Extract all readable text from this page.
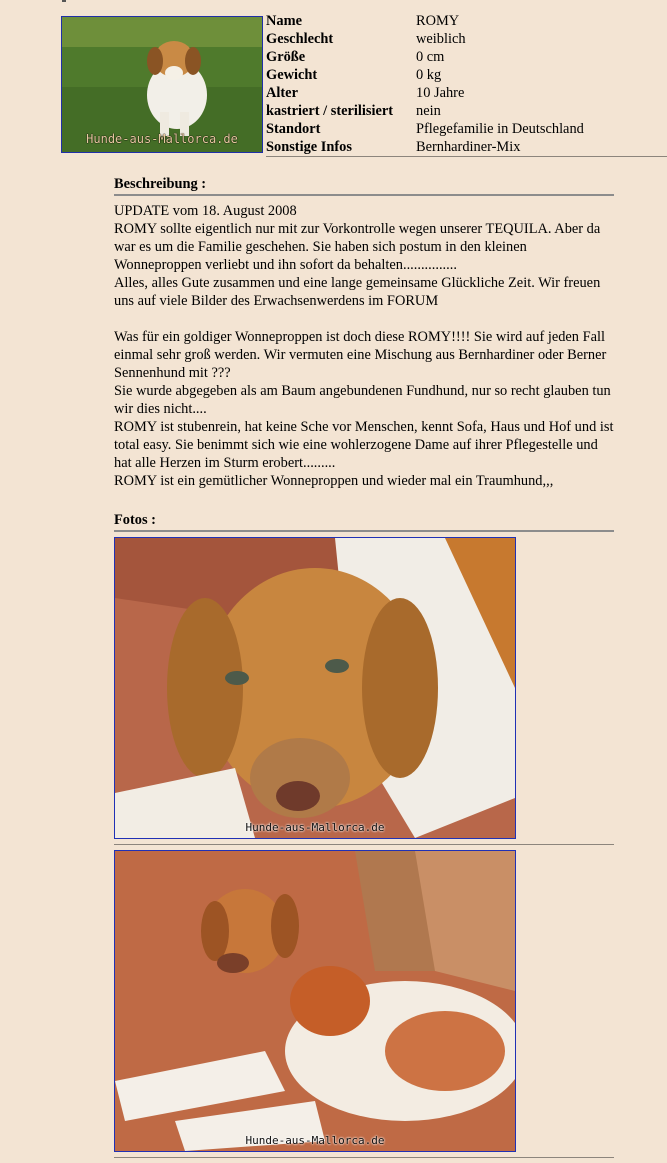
Hunde-aus-Mallorca.de
Name	ROMY
Geschlecht	weiblich
Größe	0 cm
Gewicht	0 kg
Alter	10 Jahre
kastriert / sterilisiert	nein
Standort	Pflegefamilie in Deutschland
Sonstige Infos	Bernhardiner-Mix
Beschreibung :

UPDATE vom 18. August 2008

ROMY sollte eigentlich nur mit zur Vorkontrolle wegen unserer TEQUILA. Aber da war es um die Familie geschehen. Sie haben sich postum in den kleinen Wonneproppen verliebt und ihn sofort da behalten...............

Alles, alles Gute zusammen und eine lange gemeinsame Glückliche Zeit. Wir freuen uns auf viele Bilder des Erwachsenwerdens im FORUM

Was für ein goldiger Wonneproppen ist doch diese ROMY!!!! Sie wird auf jeden Fall einmal sehr groß werden. Wir vermuten eine Mischung aus Bernhardiner oder Berner Sennenhund mit ???

Sie wurde abgegeben als am Baum angebundenen Fundhund, nur so recht glauben tun wir dies nicht....

ROMY ist stubenrein, hat keine Sche vor Menschen, kennt Sofa, Haus und Hof und ist total easy. Sie benimmt sich wie eine wohlerzogene Dame auf ihrer Pflegestelle und hat alle Herzen im Sturm erobert.........

ROMY ist ein gemütlicher Wonneproppen und wieder mal ein Traumhund,,,

Fotos :
Hunde-aus-Mallorca.de
Hunde-aus-Mallorca.de
